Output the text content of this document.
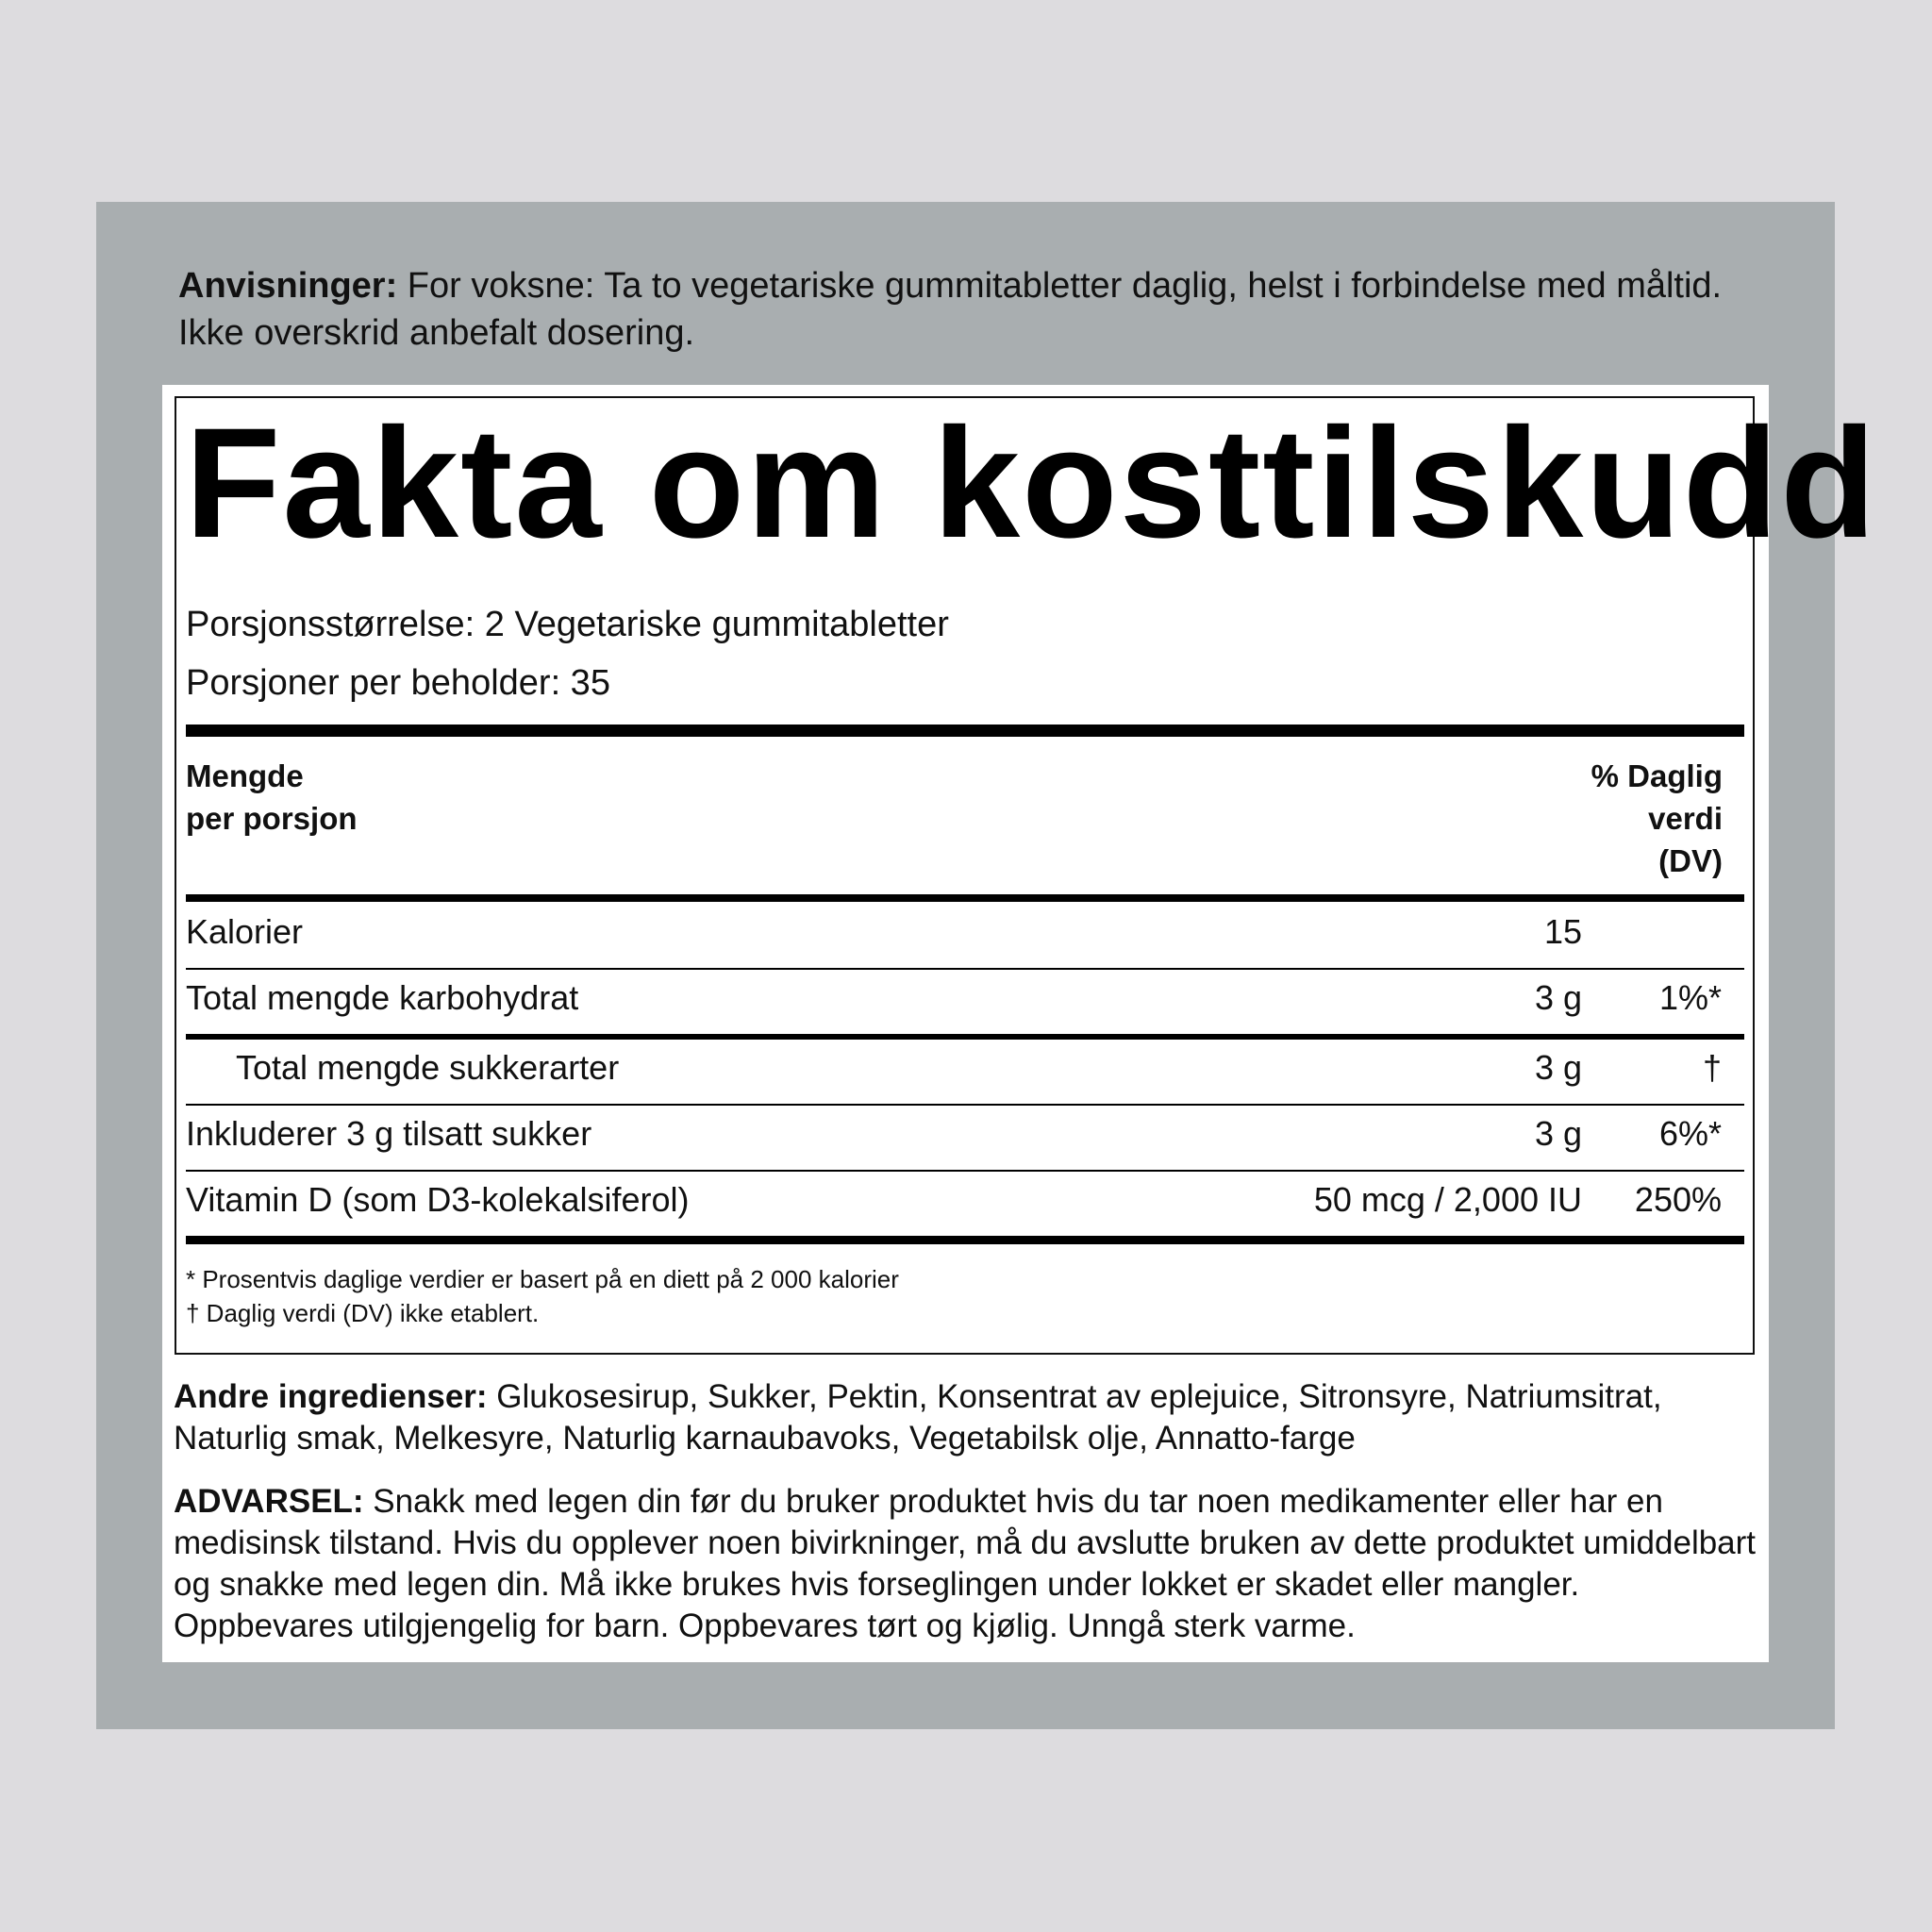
Anvisninger: For voksne: Ta to vegetariske gummitabletter daglig, helst i forbindelse med måltid. Ikke overskrid anbefalt dosering.
Fakta om kosttilskudd
Porsjonsstørrelse: 2 Vegetariske gummitabletter
Porsjoner per beholder: 35
Mengde
per porsjon
% Daglig
verdi
(DV)
Kalorier	15
Total mengde karbohydrat	3 g 1%*
Total mengde sukkerarter	3 g	†
Inkluderer 3 g tilsatt sukker	3 g 6%*
Vitamin D (som D3-kolekalsiferol)	50 mcg / 2,000 IU 250%
* Prosentvis daglige verdier er basert på en diett på 2 000 kalorier
† Daglig verdi (DV) ikke etablert.
Andre ingredienser: Glukosesirup, Sukker, Pektin, Konsentrat av eplejuice, Sitronsyre, Natriumsitrat, Naturlig smak, Melkesyre, Naturlig karnaubavoks, Vegetabilsk olje, Annatto-farge
ADVARSEL: Snakk med legen din før du bruker produktet hvis du tar noen medikamenter eller har en medisinsk tilstand. Hvis du opplever noen bivirkninger, må du avslutte bruken av dette produktet umiddelbart og snakke med legen din. Må ikke brukes hvis forseglingen under lokket er skadet eller mangler. Oppbevares utilgjengelig for barn. Oppbevares tørt og kjølig. Unngå sterk varme.
